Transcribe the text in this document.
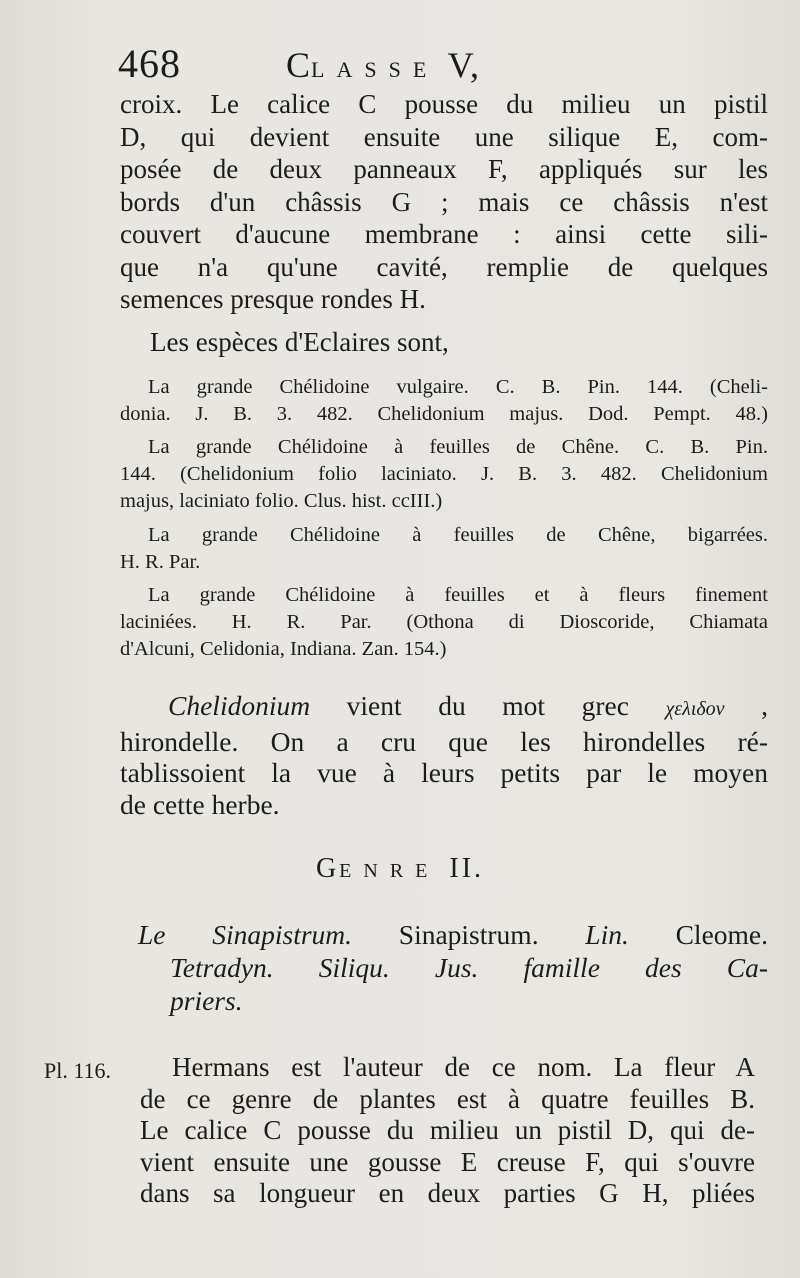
468	CLASSE V,
croix. Le calice C pousse du milieu un pistil
D, qui devient ensuite une silique E, com-
posée de deux panneaux F, appliqués sur les
bords d'un châssis G ; mais ce châssis n'est
couvert d'aucune membrane : ainsi cette sili-
que n'a qu'une cavité, remplie de quelques
semences presque rondes H.
Les espèces d'Eclaires sont,
La grande Chélidoine vulgaire. C. B. Pin. 144. (Cheli-
donia. J. B. 3. 482. Chelidonium majus. Dod. Pempt. 48.)
La grande Chélidoine à feuilles de Chêne. C. B. Pin.
144. (Chelidonium folio laciniato. J. B. 3. 482. Chelidonium
majus, laciniato folio. Clus. hist. ccIII.)
La grande Chélidoine à feuilles de Chêne, bigarrées.
H. R. Par.
La grande Chélidoine à feuilles et à fleurs finement
laciniées. H. R. Par. (Othona di Dioscoride, Chiamata
d'Alcuni, Celidonia, Indiana. Zan. 154.)
Chelidonium vient du mot grec χελιδον ,
hirondelle. On a cru que les hirondelles ré-
tablissoient la vue à leurs petits par le moyen
de cette herbe.
GENRE II.
Le Sinapistrum. Sinapistrum. Lin. Cleome.
Tetradyn. Siliqu. Jus. famille des Ca-
priers.
Pl. 116.	Hermans est l'auteur de ce nom. La fleur A
de ce genre de plantes est à quatre feuilles B.
Le calice C pousse du milieu un pistil D, qui de-
vient ensuite une gousse E creuse F, qui s'ouvre
dans sa longueur en deux parties G H, pliées
